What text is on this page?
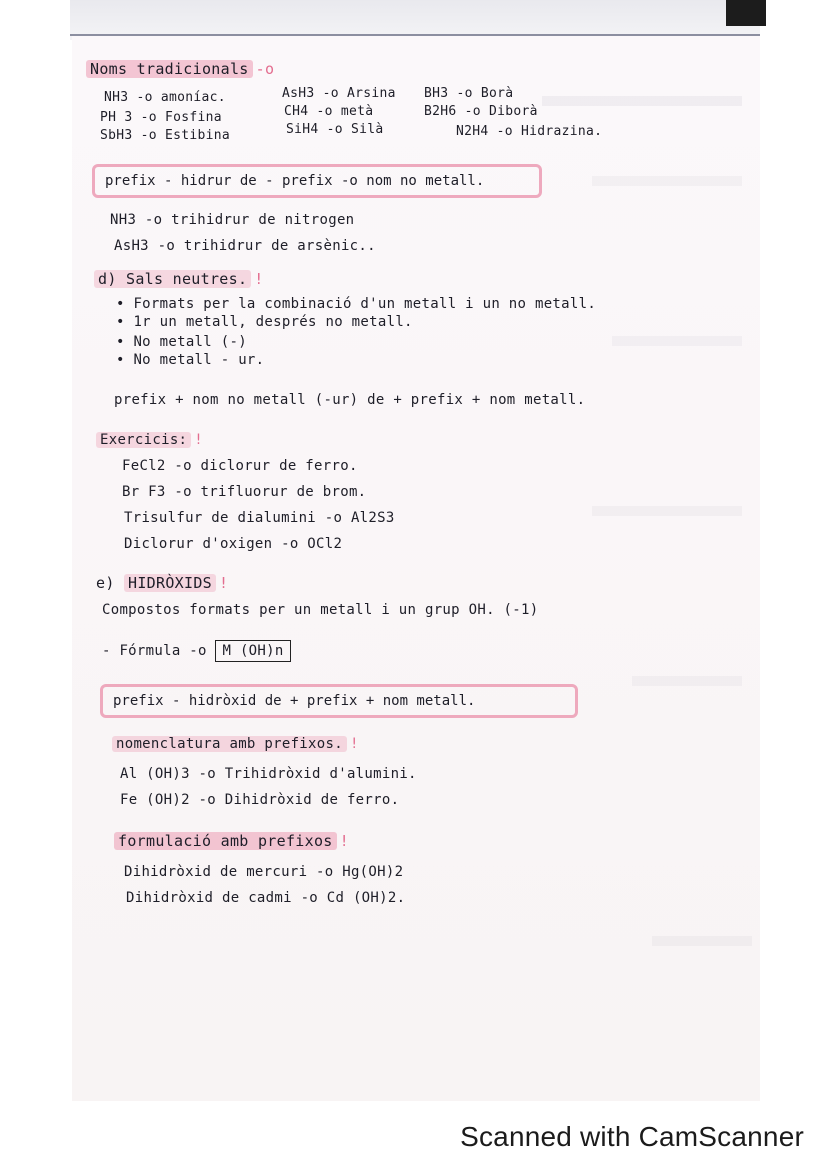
Noms tradicionals -o
NH3 -o amoníac.
PH 3 -o Fosfina
SbH3 -o Estibina
AsH3 -o Arsina
CH4 -o metà
SiH4 -o Silà
BH3 -o Borà
B2H6 -o Diborà
N2H4 -o Hidrazina.
prefix - hidrur de - prefix -o nom no metall.
NH3 -o trihidrur de nitrogen
AsH3 -o trihidrur de arsènic..
d) Sals neutres. !
• Formats per la combinació d'un metall i un no metall.
• 1r un metall, després no metall.
• No metall (-)
• No metall - ur.
prefix + nom no metall (-ur) de + prefix + nom metall.
Exercicis: !
FeCl2 -o diclorur de ferro.
Br F3 -o trifluorur de brom.
Trisulfur de dialumini -o Al2S3
Diclorur d'oxigen -o OCl2
e) HIDRÒXIDS !
Compostos formats per un metall i un grup OH. (-1)
- Fórmula -o M (OH)n
prefix - hidròxid de + prefix + nom metall.
nomenclatura amb prefixos. !
Al (OH)3 -o Trihidròxid d'alumini.
Fe (OH)2 -o Dihidròxid de ferro.
formulació amb prefixos !
Dihidròxid de mercuri -o Hg(OH)2
Dihidròxid de cadmi -o Cd (OH)2.
Scanned with CamScanner
